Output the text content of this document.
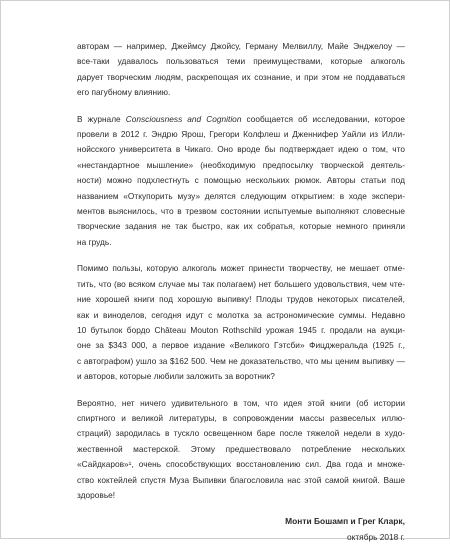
авторам — например, Джеймсу Джойсу, Герману Мелвиллу, Майе Энджелоу —
все-таки удавалось пользоваться теми преимуществами, которые алкоголь
дарует творческим людям, раскрепощая их сознание, и при этом не поддаваться
его пагубному влиянию.
В журнале Consciousness and Cognition сообщается об исследовании, которое
провели в 2012 г. Эндрю Ярош, Грегори Колфлеш и Дженнифер Уайли из Илли-
нойсского университета в Чикаго. Оно вроде бы подтверждает идею о том, что
«нестандартное мышление» (необходимую предпосылку творческой деятель-
ности) можно подхлестнуть с помощью нескольких рюмок. Авторы статьи под
названием «Откупорить музу» делятся следующим открытием: в ходе экспери-
ментов выяснилось, что в трезвом состоянии испытуемые выполняют словесные
творческие задания не так быстро, как их собратья, которые немного приняли
на грудь.
Помимо пользы, которую алкоголь может принести творчеству, не мешает отме-
тить, что (во всяком случае мы так полагаем) нет большего удовольствия, чем чте-
ние хорошей книги под хорошую выпивку! Плоды трудов некоторых писателей,
как и виноделов, сегодня идут с молотка за астрономические суммы. Недавно
10 бутылок бордо Château Mouton Rothschild урожая 1945 г. продали на аукци-
оне за $343 000, а первое издание «Великого Гэтсби» Фицджеральда (1925 г.,
с автографом) ушло за $162 500. Чем не доказательство, что мы ценим выпивку —
и авторов, которые любили заложить за воротник?
Вероятно, нет ничего удивительного в том, что идея этой книги (об истории
спиртного и великой литературы, в сопровождении массы развеселых иллю-
страций) зародилась в тускло освещенном баре после тяжелой недели в худо-
жественной мастерской. Этому предшествовало потребление нескольких
«Сайдкаров»¹, очень способствующих восстановлению сил. Два года и множе-
ство коктейлей спустя Муза Выпивки благословила нас этой самой книгой. Ваше
здоровье!
Монти Бошамп и Грег Кларк,
октябрь 2018 г.
